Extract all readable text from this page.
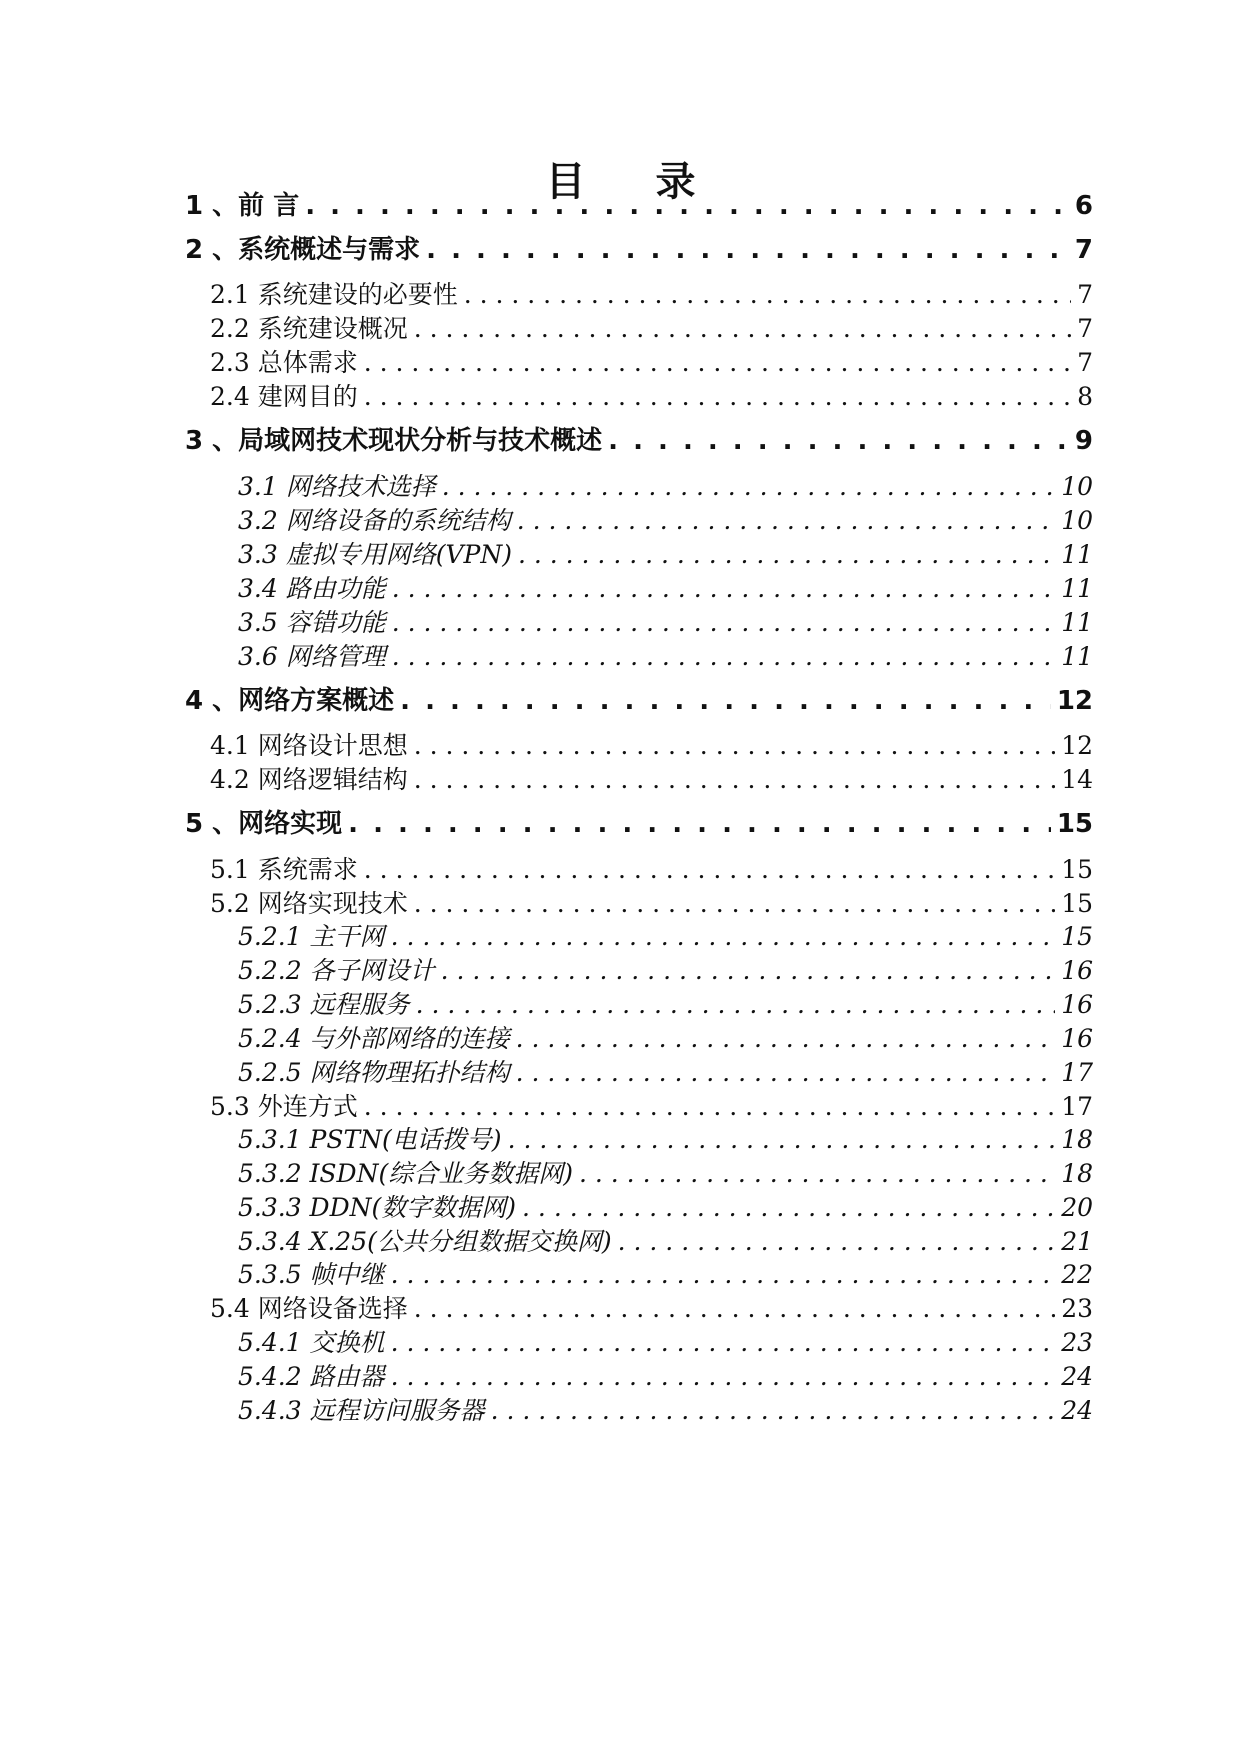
目 录
1 、前 言 . . .	6
2 、系统概述与需求 . . .	7
2.1 系统建设的必要性 . . .	7
2.2 系统建设概况 . . .	7
2.3 总体需求 . . .	7
2.4 建网目的 . . .	8
3 、局域网技术现状分析与技术概述 . . .	9
3.1 网络技术选择 . . .	10
3.2 网络设备的系统结构 . . .	10
3.3 虚拟专用网络(VPN) . . .	11
3.4 路由功能 . . .	11
3.5 容错功能 . . .	11
3.6 网络管理 . . .	11
4 、网络方案概述 . . .	12
4.1 网络设计思想 . . .	12
4.2 网络逻辑结构 . . .	14
5 、网络实现 . . .	15
5.1 系统需求 . . .	15
5.2 网络实现技术 . . .	15
5.2.1 主干网 . . .	15
5.2.2 各子网设计 . . .	16
5.2.3 远程服务 . . .	16
5.2.4 与外部网络的连接 . . .	16
5.2.5 网络物理拓扑结构 . . .	17
5.3 外连方式 . . .	17
5.3.1 PSTN(电话拨号) . . .	18
5.3.2 ISDN(综合业务数据网) . . .	18
5.3.3 DDN(数字数据网) . . .	20
5.3.4 X.25(公共分组数据交换网) . . .	21
5.3.5 帧中继 . . .	22
5.4 网络设备选择 . . .	23
5.4.1 交换机 . . .	23
5.4.2 路由器 . . .	24
5.4.3 远程访问服务器 . . .	24
